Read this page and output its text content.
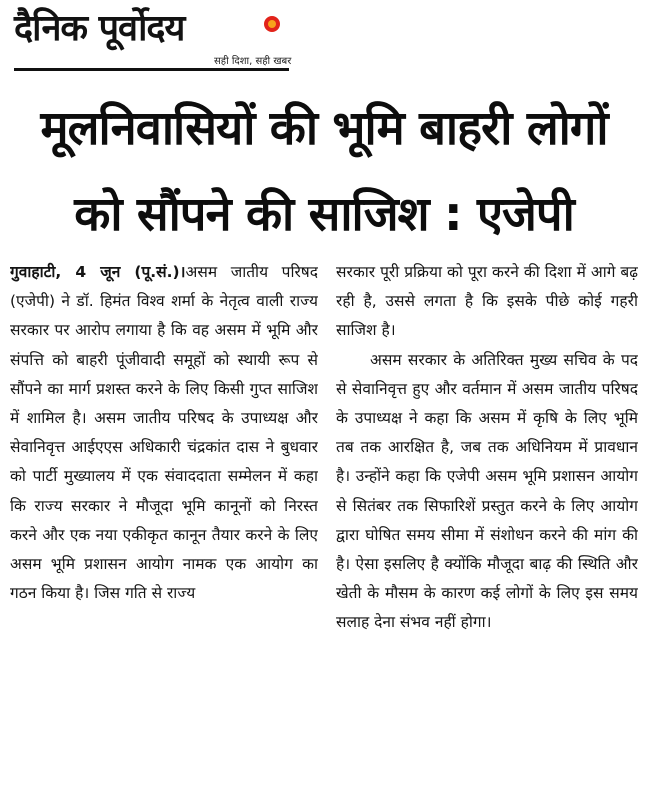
दैनिक पूर्वोदय
सही दिशा, सही खबर
मूलनिवासियों की भूमि बाहरी लोगों
को सौंपने की साजिश : एजेपी

गुवाहाटी, 4 जून (पू.सं.)।असम जातीय परिषद (एजेपी) ने डॉ. हिमंत विश्व शर्मा के नेतृत्व वाली राज्य सरकार पर आरोप लगाया है कि वह असम में भूमि और संपत्ति को बाहरी पूंजीवादी समूहों को स्थायी रूप से सौंपने का मार्ग प्रशस्त करने के लिए किसी गुप्त साजिश में शामिल है। असम जातीय परिषद के उपाध्यक्ष और सेवानिवृत्त आईएएस अधिकारी चंद्रकांत दास ने बुधवार को पार्टी मुख्यालय में एक संवाददाता सम्मेलन में कहा कि राज्य सरकार ने मौजूदा भूमि कानूनों को निरस्त करने और एक नया एकीकृत कानून तैयार करने के लिए असम भूमि प्रशासन आयोग नामक एक आयोग का गठन किया है। जिस गति से राज्य

सरकार पूरी प्रक्रिया को पूरा करने की दिशा में आगे बढ़ रही है, उससे लगता है कि इसके पीछे कोई गहरी साजिश है।

असम सरकार के अतिरिक्त मुख्य सचिव के पद से सेवानिवृत्त हुए और वर्तमान में असम जातीय परिषद के उपाध्यक्ष ने कहा कि असम में कृषि के लिए भूमि तब तक आरक्षित है, जब तक अधिनियम में प्रावधान है। उन्होंने कहा कि एजेपी असम भूमि प्रशासन आयोग से सितंबर तक सिफारिशें प्रस्तुत करने के लिए आयोग द्वारा घोषित समय सीमा में संशोधन करने की मांग की है। ऐसा इसलिए है क्योंकि मौजूदा बाढ़ की स्थिति और खेती के मौसम के कारण कई लोगों के लिए इस समय सलाह देना संभव नहीं होगा।
